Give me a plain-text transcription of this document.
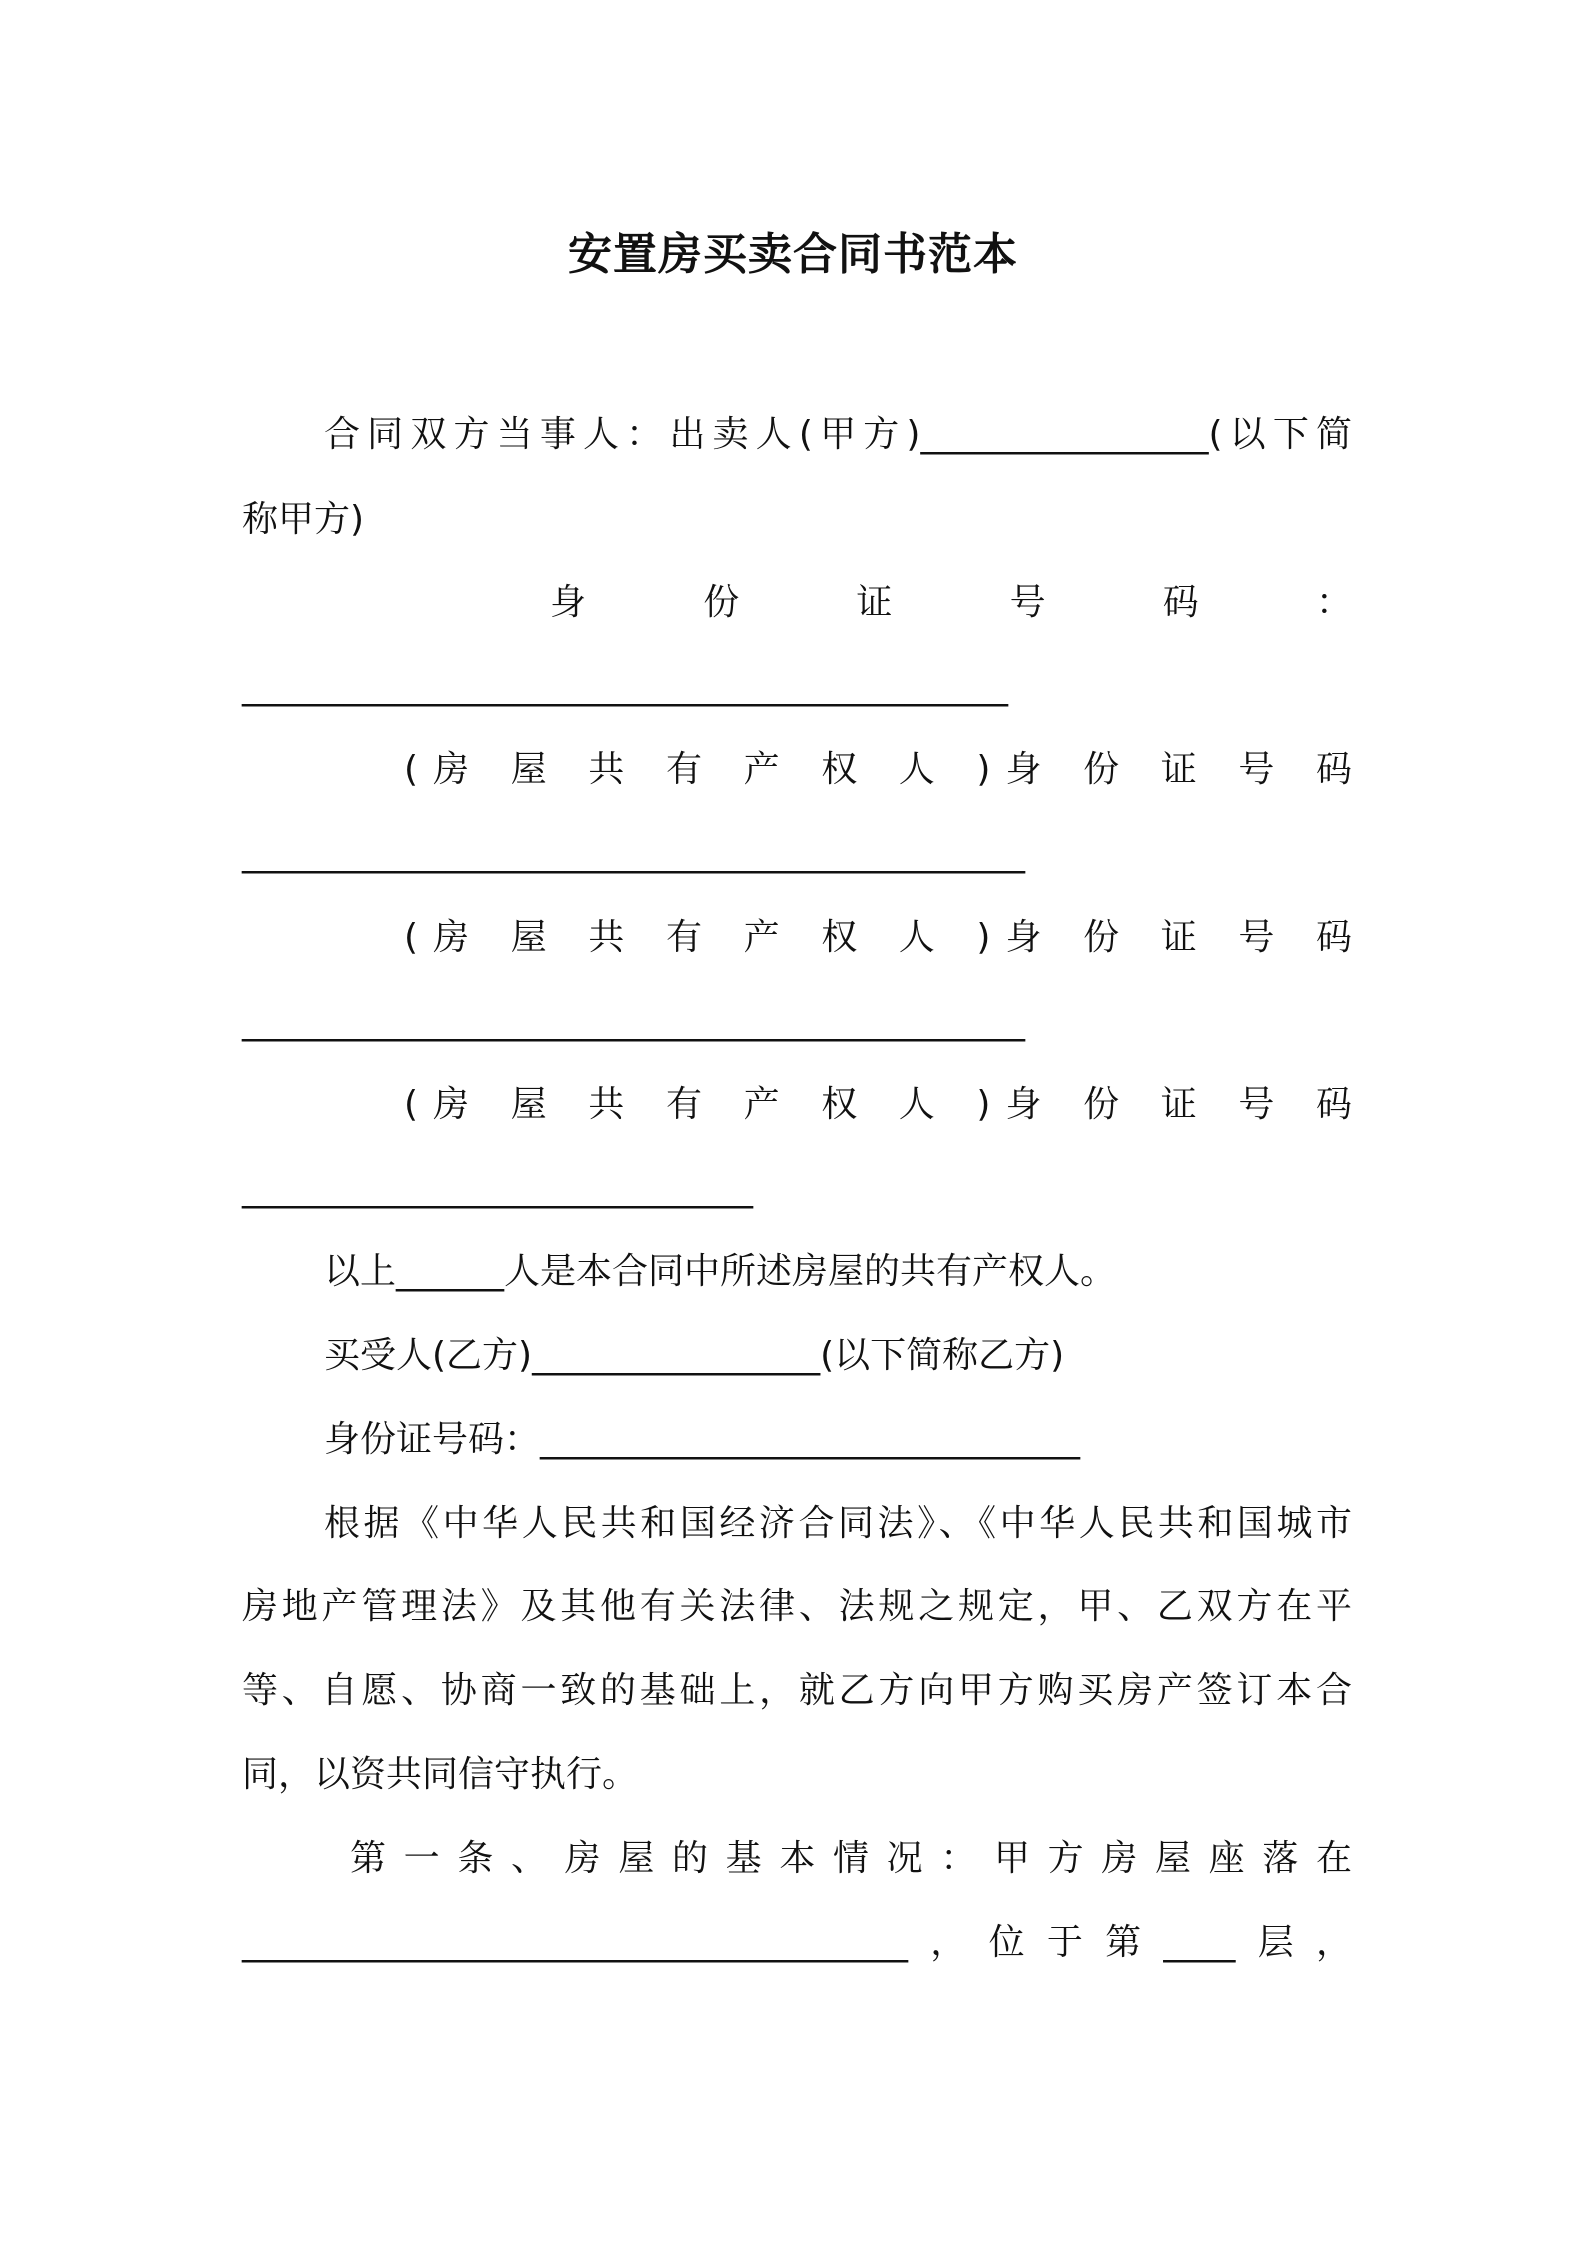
安置房买卖合同书范本
合同双方当事人：出卖人(甲方)________________(以下简
称甲方)
身 份 证 号 码 ：
_____________________________________________
(房 屋 共 有 产 权 人 )身 份 证 号 码
______________________________________________
(房 屋 共 有 产 权 人 )身 份 证 号 码
______________________________________________
(房 屋 共 有 产 权 人 )身 份 证 号 码
______________________________
以上______人是本合同中所述房屋的共有产权人。
买受人(乙方)________________(以下简称乙方)
身份证号码：______________________________
根据《中华人民共和国经济合同法》、《中华人民共和国城市
房地产管理法》及其他有关法律、法规之规定，甲、乙双方在平
等、自愿、协商一致的基础上，就乙方向甲方购买房产签订本合
同，以资共同信守执行。
第 一 条 、 房 屋 的 基 本 情 况 ： 甲 方 房 屋 座 落 在
_____________________________________，位于第____层，
